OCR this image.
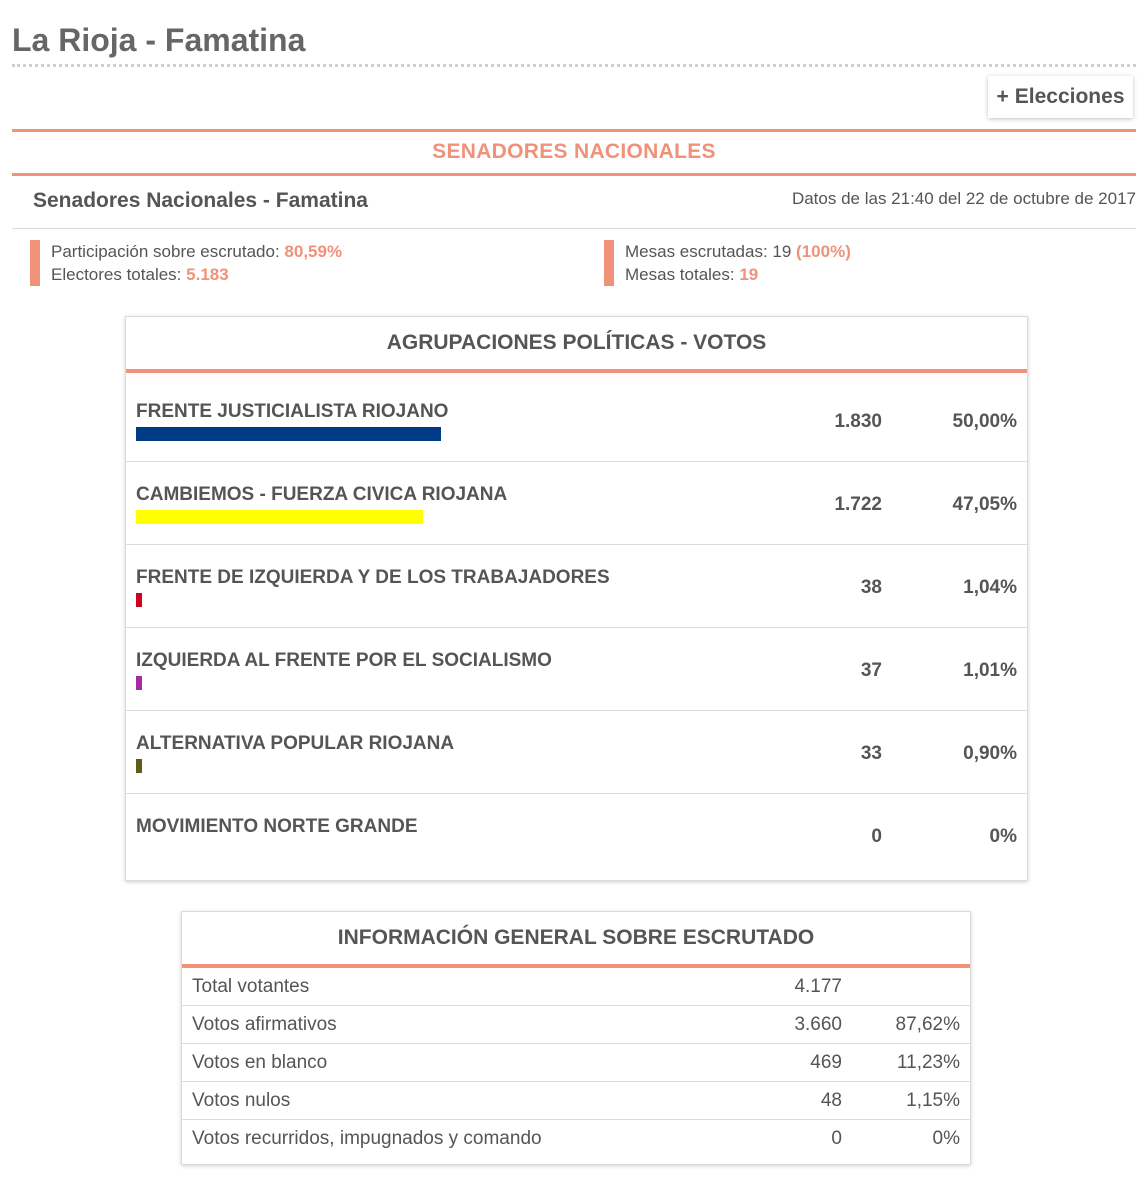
La Rioja - Famatina
+ Elecciones
SENADORES NACIONALES
Senadores Nacionales - Famatina	Datos de las 21:40 del 22 de octubre de 2017
Participación sobre escrutado: 80,59%
Electores totales: 5.183
Mesas escrutadas: 19 (100%)
Mesas totales: 19
AGRUPACIONES POLÍTICAS - VOTOS
FRENTE JUSTICIALISTA RIOJANO	1.830	50,00%
CAMBIEMOS - FUERZA CIVICA RIOJANA	1.722	47,05%
FRENTE DE IZQUIERDA Y DE LOS TRABAJADORES	38	1,04%
IZQUIERDA AL FRENTE POR EL SOCIALISMO	37	1,01%
ALTERNATIVA POPULAR RIOJANA	33	0,90%
MOVIMIENTO NORTE GRANDE	0	0%
INFORMACIÓN GENERAL SOBRE ESCRUTADO
Total votantes	4.177
Votos afirmativos	3.660	87,62%
Votos en blanco	469	11,23%
Votos nulos	48	1,15%
Votos recurridos, impugnados y comando	0	0%
